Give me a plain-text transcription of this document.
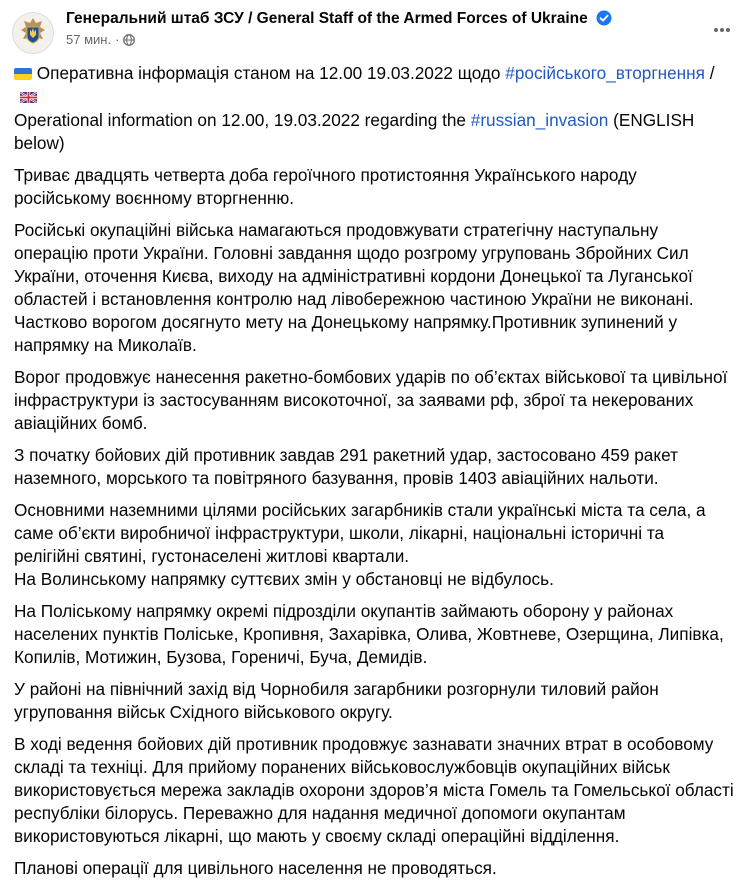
Генеральний штаб ЗСУ / General Staff of the Armed Forces of Ukraine
57 мин. ·

Оперативна інформація станом на 12.00 19.03.2022 щодо #російського_вторгнення /
Operational information on 12.00, 19.03.2022 regarding the #russian_invasion (ENGLISH below)

Триває двадцять четверта доба героїчного протистояння Українського народу російському воєнному вторгненню.

Російські окупаційні війська намагаються продовжувати стратегічну наступальну операцію проти України. Головні завдання щодо розгрому угруповань Збройних Сил України, оточення Києва, виходу на адміністративні кордони Донецької та Луганської областей і встановлення контролю над лівобережною частиною України не виконані. Частково ворогом досягнуто мету на Донецькому напрямку.Противник зупинений у напрямку на Миколаїв.

Ворог продовжує нанесення ракетно-бомбових ударів по об’єктах військової та цивільної інфраструктури із застосуванням високоточної, за заявами рф, зброї та некерованих авіаційних бомб.

З початку бойових дій противник завдав 291 ракетний удар, застосовано 459 ракет наземного, морського та повітряного базування, провів 1403 авіаційних нальоти.

Основними наземними цілями російських загарбників стали українські міста та села, а саме об’єкти виробничої інфраструктури, школи, лікарні, національні історичні та релігійні святині, густонаселені житлові квартали.
На Волинському напрямку суттєвих змін у обстановці не відбулось.

На Поліському напрямку окремі підрозділи окупантів займають оборону у районах населених пунктів Поліське, Кропивня, Захарівка, Олива, Жовтневе, Озерщина, Липівка, Копилів, Мотижин, Бузова, Гореничі, Буча, Демидів.

У районі на північний захід від Чорнобиля загарбники розгорнули тиловий район угруповання військ Східного військового округу.

В ході ведення бойових дій противник продовжує зазнавати значних втрат в особовому складі та техніці. Для прийому поранених військовослужбовців окупаційних військ використовується мережа закладів охорони здоров’я міста Гомель та Гомельської області республіки білорусь. Переважно для надання медичної допомоги окупантам використовуються лікарні, що мають у своєму складі операційні відділення.

Планові операції для цивільного населення не проводяться.
